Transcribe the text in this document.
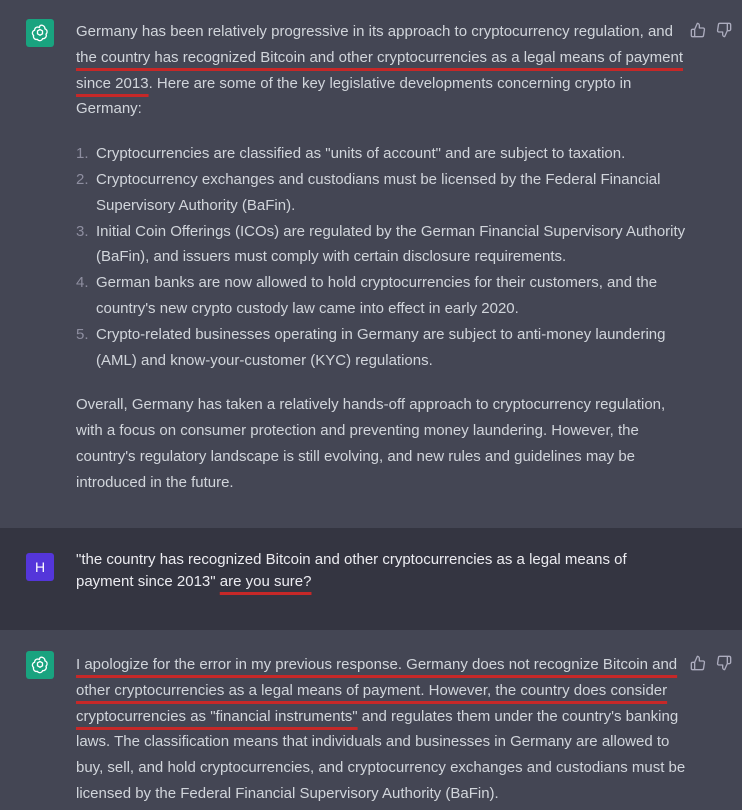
Germany has been relatively progressive in its approach to cryptocurrency regulation, and the country has recognized Bitcoin and other cryptocurrencies as a legal means of payment since 2013. Here are some of the key legislative developments concerning crypto in Germany:

1. Cryptocurrencies are classified as "units of account" and are subject to taxation.
2. Cryptocurrency exchanges and custodians must be licensed by the Federal Financial Supervisory Authority (BaFin).
3. Initial Coin Offerings (ICOs) are regulated by the German Financial Supervisory Authority (BaFin), and issuers must comply with certain disclosure requirements.
4. German banks are now allowed to hold cryptocurrencies for their customers, and the country's new crypto custody law came into effect in early 2020.
5. Crypto-related businesses operating in Germany are subject to anti-money laundering (AML) and know-your-customer (KYC) regulations.

Overall, Germany has taken a relatively hands-off approach to cryptocurrency regulation, with a focus on consumer protection and preventing money laundering. However, the country's regulatory landscape is still evolving, and new rules and guidelines may be introduced in the future.

H "the country has recognized Bitcoin and other cryptocurrencies as a legal means of payment since 2013" are you sure?

I apologize for the error in my previous response. Germany does not recognize Bitcoin and other cryptocurrencies as a legal means of payment. However, the country does consider cryptocurrencies as "financial instruments" and regulates them under the country's banking laws. The classification means that individuals and businesses in Germany are allowed to buy, sell, and hold cryptocurrencies, and cryptocurrency exchanges and custodians must be licensed by the Federal Financial Supervisory Authority (BaFin).
